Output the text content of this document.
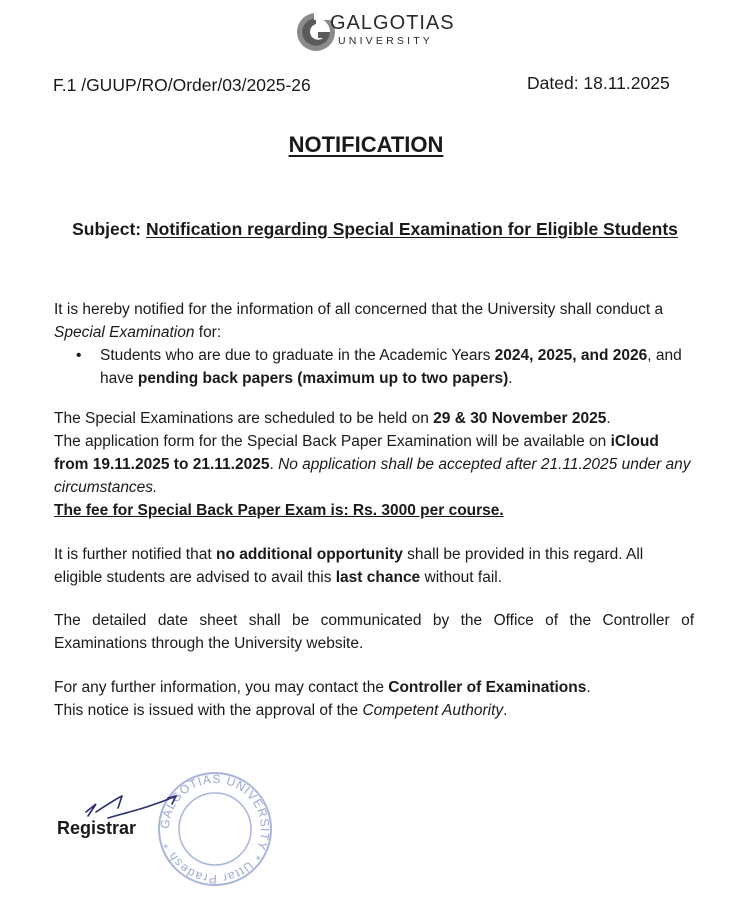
GALGOTIAS
UNIVERSITY
F.1 /GUUP/RO/Order/03/2025-26	Dated: 18.11.2025
NOTIFICATION
Subject: Notification regarding Special Examination for Eligible Students
It is hereby notified for the information of all concerned that the University shall conduct a Special Examination for:
• Students who are due to graduate in the Academic Years 2024, 2025, and 2026, and have pending back papers (maximum up to two papers).
The Special Examinations are scheduled to be held on 29 & 30 November 2025.
The application form for the Special Back Paper Examination will be available on iCloud from 19.11.2025 to 21.11.2025. No application shall be accepted after 21.11.2025 under any circumstances.
The fee for Special Back Paper Exam is: Rs. 3000 per course.
It is further notified that no additional opportunity shall be provided in this regard. All eligible students are advised to avail this last chance without fail.
The detailed date sheet shall be communicated by the Office of the Controller of Examinations through the University website.
For any further information, you may contact the Controller of Examinations.
This notice is issued with the approval of the Competent Authority.
GALGOTIAS UNIVERSITY * Uttar Pradesh *
Registrar
